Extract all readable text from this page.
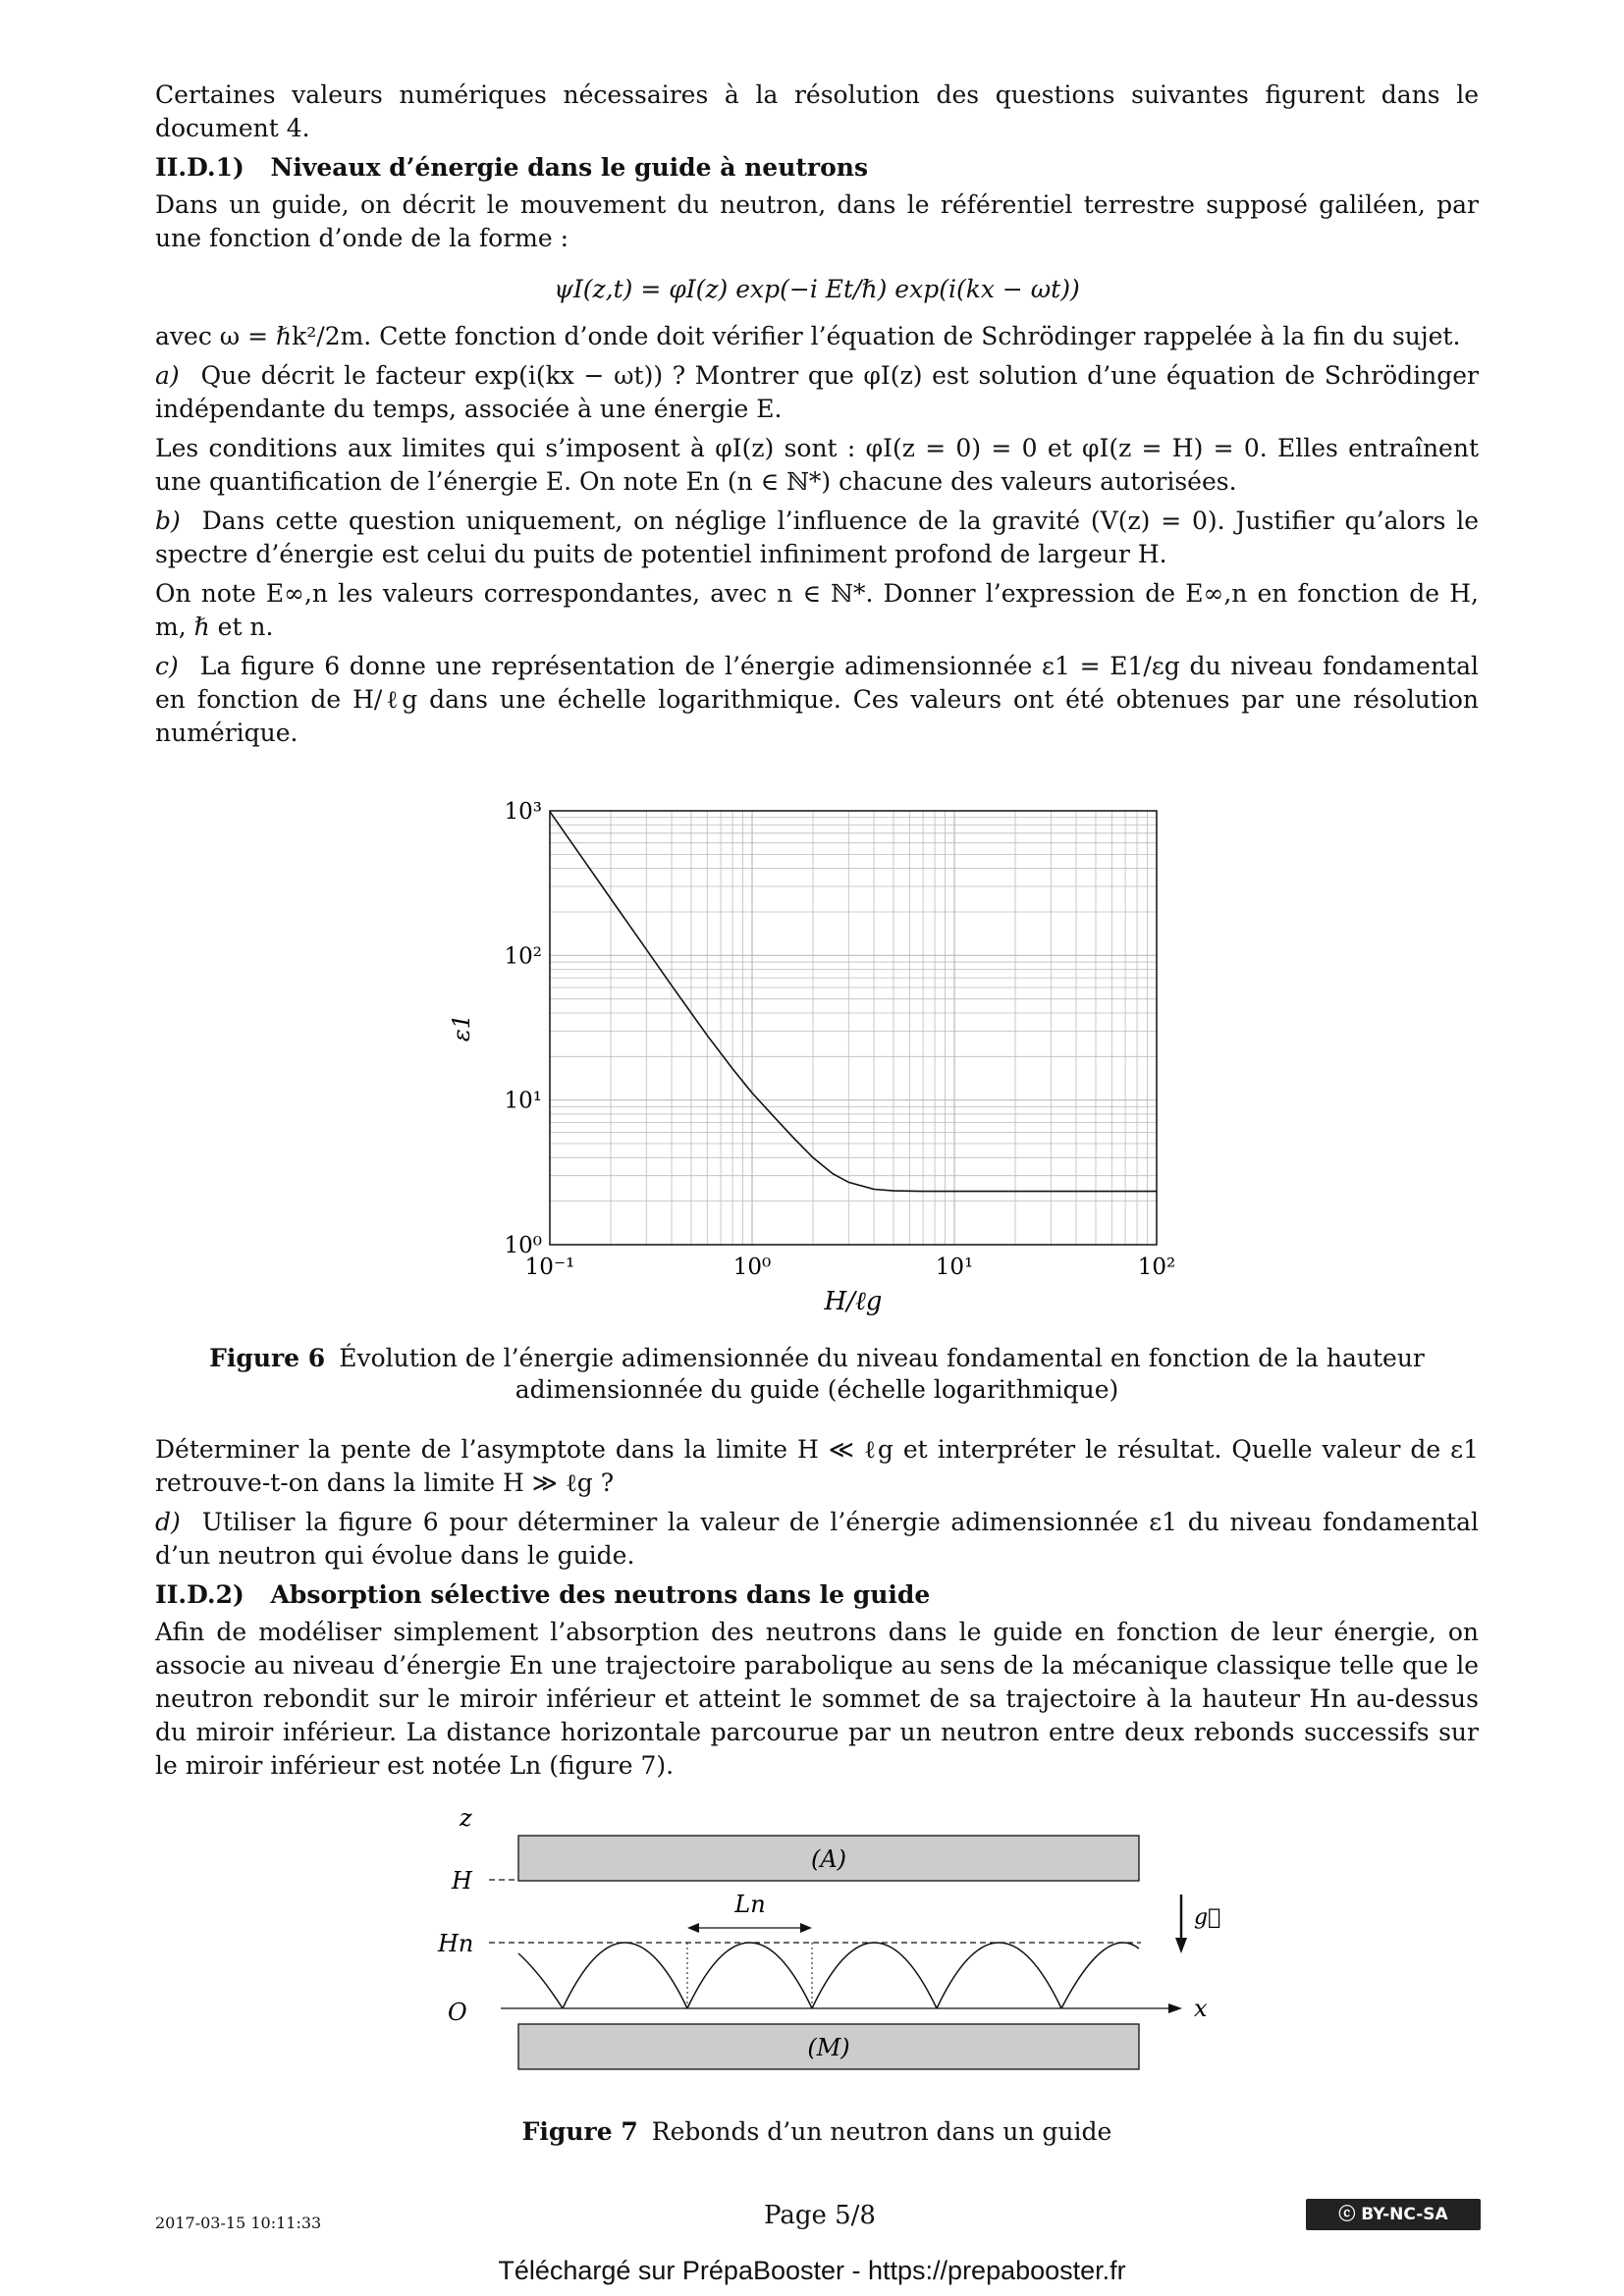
Certaines valeurs numériques nécessaires à la résolution des questions suivantes figurent dans le document 4.

II.D.1) Niveaux d’énergie dans le guide à neutrons

Dans un guide, on décrit le mouvement du neutron, dans le référentiel terrestre supposé galiléen, par une fonction d’onde de la forme :

ψI(z,t) = φI(z) exp(−i Et/ℏ) exp(i(kx − ωt))

avec ω = ℏk²/2m. Cette fonction d’onde doit vérifier l’équation de Schrödinger rappelée à la fin du sujet.

a) Que décrit le facteur exp(i(kx − ωt)) ? Montrer que φI(z) est solution d’une équation de Schrödinger indépendante du temps, associée à une énergie E.

Les conditions aux limites qui s’imposent à φI(z) sont : φI(z = 0) = 0 et φI(z = H) = 0. Elles entraînent une quantification de l’énergie E. On note En (n ∈ ℕ*) chacune des valeurs autorisées.

b) Dans cette question uniquement, on néglige l’influence de la gravité (V(z) = 0). Justifier qu’alors le spectre d’énergie est celui du puits de potentiel infiniment profond de largeur H.

On note E∞,n les valeurs correspondantes, avec n ∈ ℕ*. Donner l’expression de E∞,n en fonction de H, m, ℏ et n.

c) La figure 6 donne une représentation de l’énergie adimensionnée ε1 = E1/εg du niveau fondamental en fonction de H/ℓg dans une échelle logarithmique. Ces valeurs ont été obtenues par une résolution numérique.

10⁻¹	10⁰	10¹	10²
10⁰
10¹
10²
10³
ε1
H/ℓg
Figure 6 Évolution de l’énergie adimensionnée du niveau fondamental en fonction de la hauteur adimensionnée du guide (échelle logarithmique)

Déterminer la pente de l’asymptote dans la limite H ≪ ℓg et interpréter le résultat. Quelle valeur de ε1 retrouve-t-on dans la limite H ≫ ℓg ?

d) Utiliser la figure 6 pour déterminer la valeur de l’énergie adimensionnée ε1 du niveau fondamental d’un neutron qui évolue dans le guide.

II.D.2) Absorption sélective des neutrons dans le guide

Afin de modéliser simplement l’absorption des neutrons dans le guide en fonction de leur énergie, on associe au niveau d’énergie En une trajectoire parabolique au sens de la mécanique classique telle que le neutron rebondit sur le miroir inférieur et atteint le sommet de sa trajectoire à la hauteur Hn au-dessus du miroir inférieur. La distance horizontale parcourue par un neutron entre deux rebonds successifs sur le miroir inférieur est notée Ln (figure 7).

(A)
(M)
x
z
H
Hn
O
Ln	g⃗
Figure 7 Rebonds d’un neutron dans un guide
2017-03-15 10:11:33	Page 5/8	ⓒ BY-NC-SA
Téléchargé sur PrépaBooster - https://prepabooster.fr
